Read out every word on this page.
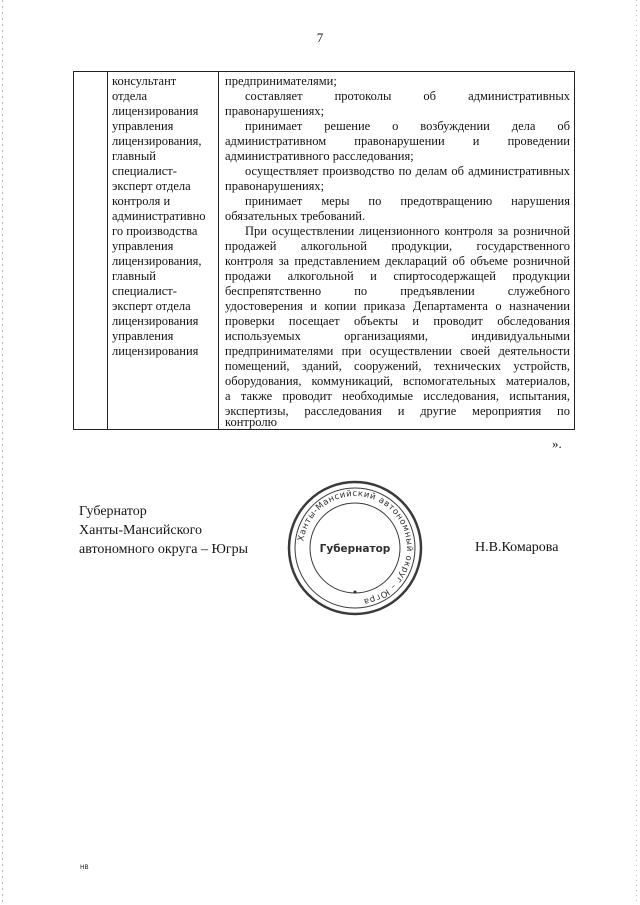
7
консультант
отдела
лицензирования
управления
лицензирования,
главный
специалист-
эксперт отдела
контроля и
административно
го производства
управления
лицензирования,
главный
специалист-
эксперт отдела
лицензирования
управления
лицензирования
предпринимателями;
составляет протоколы об административных
правонарушениях;
принимает решение о возбуждении дела об
административном правонарушении и проведении
административного расследования;
осуществляет производство по делам об административных
правонарушениях;
принимает меры по предотвращению нарушения
обязательных требований.
При осуществлении лицензионного контроля за розничной
продажей алкогольной продукции, государственного
контроля за представлением деклараций об объеме розничной
продажи алкогольной и спиртосодержащей продукции
беспрепятственно по предъявлении служебного
удостоверения и копии приказа Департамента о назначении
проверки посещает объекты и проводит обследования
используемых организациями, индивидуальными
предпринимателями при осуществлении своей деятельности
помещений, зданий, сооружений, технических устройств,
оборудования, коммуникаций, вспомогательных материалов,
а также проводит необходимые исследования, испытания,
экспертизы, расследования и другие мероприятия по
контролю
».
Губернатор
Ханты-Мансийского
автономного округа – Югры
Ханты-Мансийский автономный округ – Югра
Губернатор	Н.В.Комарова
НВ
